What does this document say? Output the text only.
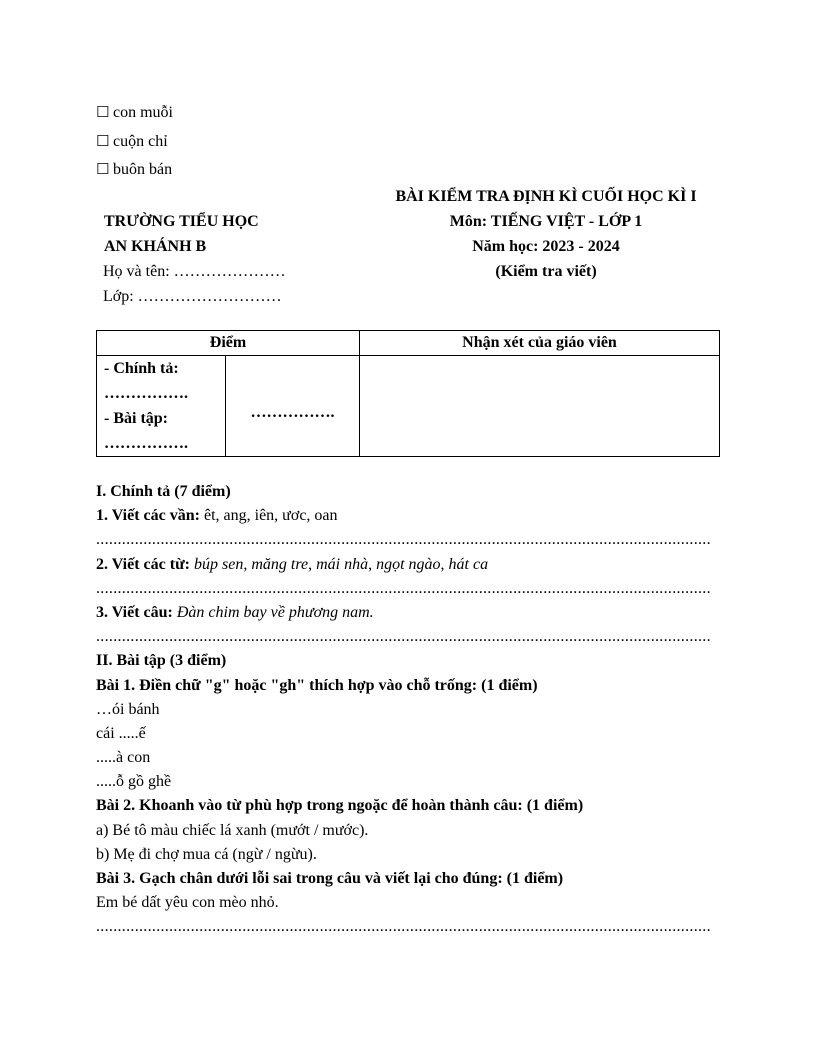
☐ con muỗi
☐ cuộn chỉ
☐ buôn bán
BÀI KIỂM TRA ĐỊNH KÌ CUỐI HỌC KÌ I
Môn: TIẾNG VIỆT - LỚP 1
Năm học: 2023 - 2024
(Kiểm tra viết)
TRƯỜNG TIỂU HỌC
AN KHÁNH B
Họ và tên: …………………
Lớp: ………………………
Điểm		Nhận xét của giáo viên

- Chính tả:
…………….
- Bài tập:
…………….	…………….	
I. Chính tả (7 điểm)
1. Viết các vần: êt, ang, iên, ươc, oan
...............................................................................................................................................
2. Viết các từ: búp sen, măng tre, mái nhà, ngọt ngào, hát ca
...............................................................................................................................................
3. Viết câu: Đàn chim bay về phương nam.
...............................................................................................................................................
II. Bài tập (3 điểm)
Bài 1. Điền chữ "g" hoặc "gh" thích hợp vào chỗ trống: (1 điểm)
…ói bánh
cái .....ế
.....à con
.....ỗ gồ ghề
Bài 2. Khoanh vào từ phù hợp trong ngoặc để hoàn thành câu: (1 điểm)
a) Bé tô màu chiếc lá xanh (mướt / mước).
b) Mẹ đi chợ mua cá (ngừ / ngừu).
Bài 3. Gạch chân dưới lỗi sai trong câu và viết lại cho đúng: (1 điểm)
Em bé dất yêu con mèo nhỏ.
...............................................................................................................................................
